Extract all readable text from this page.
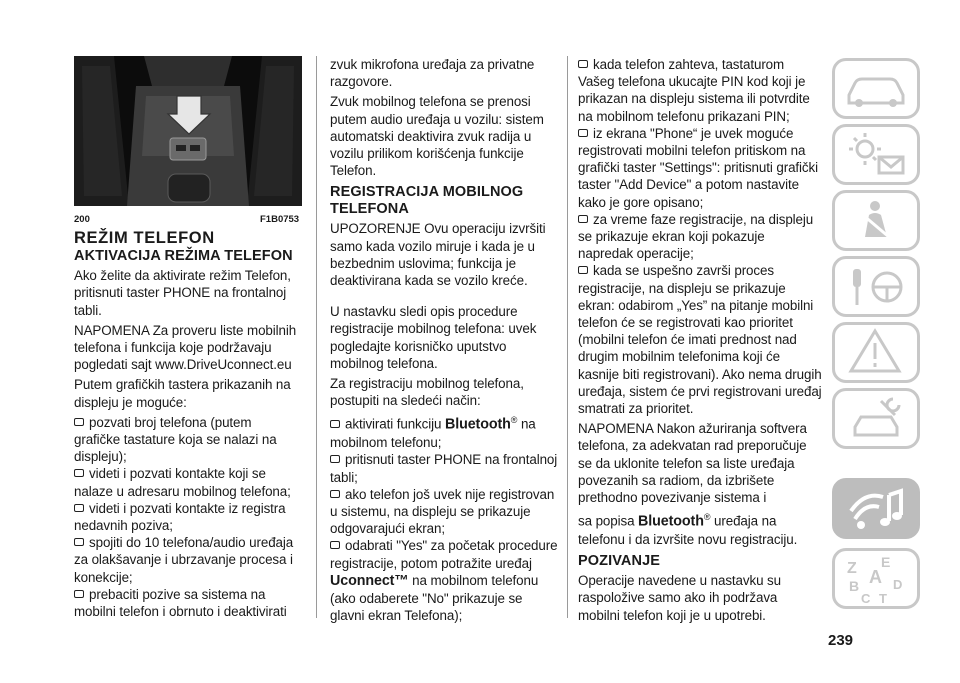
200	F1B0753
REŽIM TELEFON
AKTIVACIJA REŽIMA TELEFON

Ako želite da aktivirate režim Telefon, pritisnuti taster PHONE na frontalnoj tabli.

NAPOMENA Za proveru liste mobilnih telefona i funkcija koje podržavaju pogledati sajt www.DriveUconnect.eu

Putem grafičkih tastera prikazanih na displeju je moguće:

pozvati broj telefona (putem grafičke tastature koja se nalazi na displeju);
videti i pozvati kontakte koji se nalaze u adresaru mobilnog telefona;
videti i pozvati kontakte iz registra nedavnih poziva;
spojiti do 10 telefona/audio uređaja za olakšavanje i ubrzavanje procesa i konekcije;
prebaciti pozive sa sistema na mobilni telefon i obrnuto i deaktivirati

zvuk mikrofona uređaja za privatne razgovore.

Zvuk mobilnog telefona se prenosi putem audio uređaja u vozilu: sistem automatski deaktivira zvuk radija u vozilu prilikom korišćenja funkcije Telefon.

REGISTRACIJA MOBILNOG TELEFONA

UPOZORENJE Ovu operaciju izvršiti samo kada vozilo miruje i kada je u bezbednim uslovima; funkcija je deaktivirana kada se vozilo kreće.

U nastavku sledi opis procedure registracije mobilnog telefona: uvek pogledajte korisničko uputstvo mobilnog telefona.

Za registraciju mobilnog telefona, postupiti na sledeći način:

aktivirati funkciju Bluetooth® na mobilnom telefonu;
pritisnuti taster PHONE na frontalnoj tabli;
ako telefon još uvek nije registrovan u sistemu, na displeju se prikazuje odgovarajući ekran;
odabrati "Yes" za početak procedure registracije, potom potražite uređaj Uconnect™ na mobilnom telefonu (ako odaberete "No" prikazuje se glavni ekran Telefona);
kada telefon zahteva, tastaturom Vašeg telefona ukucajte PIN kod koji je prikazan na displeju sistema ili potvrdite na mobilnom telefonu prikazani PIN;
iz ekrana "Phone“ je uvek moguće registrovati mobilni telefon pritiskom na grafički taster "Settings": pritisnuti grafički taster "Add Device" a potom nastavite kako je gore opisano;
za vreme faze registracije, na displeju se prikazuje ekran koji pokazuje napredak operacije;
kada se uspešno završi proces registracije, na displeju se prikazuje ekran: odabirom „Yes” na pitanje mobilni telefon će se registrovati kao prioritet (mobilni telefon će imati prednost nad drugim mobilnim telefonima koji će kasnije biti registrovani). Ako nema drugih uređaja, sistem će prvi registrovani uređaj smatrati za prioritet.

NAPOMENA Nakon ažuriranja softvera telefona, za adekvatan rad preporučuje se da uklonite telefon sa liste uređaja povezanih sa radiom, da izbrišete prethodno povezivanje sistema i

sa popisa Bluetooth® uređaja na telefonu i da izvršite novu registraciju.

POZIVANJE

Operacije navedene u nastavku su raspoložive samo ako ih podržava mobilni telefon koji je u upotrebi.

Z E
A
B	D
C T
239
